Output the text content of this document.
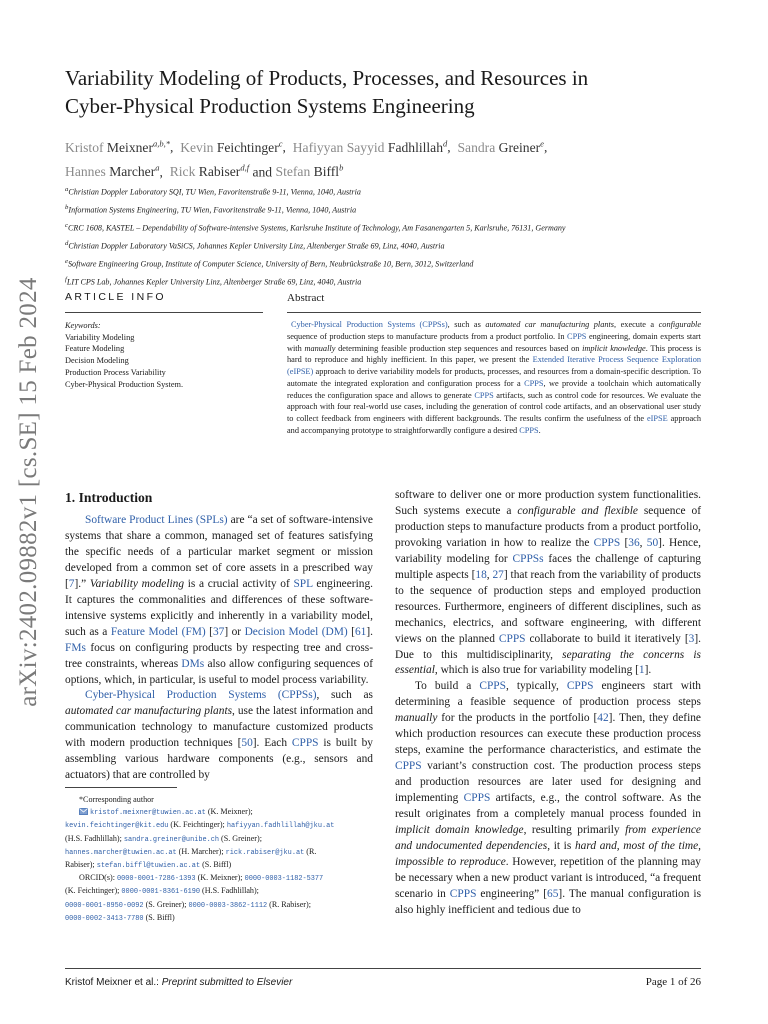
arXiv:2402.09882v1 [cs.SE] 15 Feb 2024
Variability Modeling of Products, Processes, and Resources in
Cyber-Physical Production Systems Engineering
Kristof Meixner$^{a,b,*}$,  Kevin Feichtinger$^c$,  Hafiyyan Sayyid Fadhlillah$^d$,  Sandra Greiner$^e$,
Hannes Marcher$^a$,  Rick Rabiser$^{d,f}$ and Stefan Biffl$^b$
$^a$Christian Doppler Laboratory SQI, TU Wien, Favoritenstraße 9-11, Vienna, 1040, Austria
$^b$Information Systems Engineering, TU Wien, Favoritenstraße 9-11, Vienna, 1040, Austria
$^c$CRC 1608, KASTEL – Dependability of Software-intensive Systems, Karlsruhe Institute of Technology, Am Fasanengarten 5, Karlsruhe, 76131, Germany
$^d$Christian Doppler Laboratory VaSiCS, Johannes Kepler University Linz, Altenberger Straße 69, Linz, 4040, Austria
$^e$Software Engineering Group, Institute of Computer Science, University of Bern, Neubrückstraße 10, Bern, 3012, Switzerland
$^f$LIT CPS Lab, Johannes Kepler University Linz, Altenberger Straße 69, Linz, 4040, Austria
ARTICLE INFO	Abstract
Keywords:
Variability Modeling
Feature Modeling
Decision Modeling
Production Process Variability
Cyber-Physical Production System.

Cyber-Physical Production Systems (CPPSs), such as automated car manufacturing plants, execute a configurable sequence of production steps to manufacture products from a product portfolio. In CPPS engineering, domain experts start with manually determining feasible production step sequences and resources based on implicit knowledge. This process is hard to reproduce and highly inefficient. In this paper, we present the Extended Iterative Process Sequence Exploration (eIPSE) approach to derive variability models for products, processes, and resources from a domain-specific description. To automate the integrated exploration and configuration process for a CPPS, we provide a toolchain which automatically reduces the configuration space and allows to generate CPPS artifacts, such as control code for resources. We evaluate the approach with four real-world use cases, including the generation of control code artifacts, and an observational user study to collect feedback from engineers with different backgrounds. The results confirm the usefulness of the eIPSE approach and accompanying prototype to straightforwardly configure a desired CPPS.

1. Introduction

Software Product Lines (SPLs) are “a set of software-intensive systems that share a common, managed set of features satisfying the specific needs of a particular market segment or mission developed from a common set of core assets in a prescribed way [7].” Variability modeling is a crucial activity of SPL engineering. It captures the commonalities and differences of these software-intensive systems explicitly and inherently in a variability model, such as a Feature Model (FM) [37] or Decision Model (DM) [61]. FMs focus on configuring products by respecting tree and cross-tree constraints, whereas DMs also allow configuring sequences of options, which, in particular, is useful to model process variability.

Cyber-Physical Production Systems (CPPSs), such as automated car manufacturing plants, use the latest information and communication technology to manufacture customized products with modern production techniques [50]. Each CPPS is built by assembling various hardware components (e.g., sensors and actuators) that are controlled by

*Corresponding author
kristof.meixner@tuwien.ac.at (K. Meixner);
kevin.feichtinger@kit.edu (K. Feichtinger); hafiyyan.fadhlillah@jku.at
(H.S. Fadhlillah); sandra.greiner@unibe.ch (S. Greiner);
hannes.marcher@tuwien.ac.at (H. Marcher); rick.rabiser@jku.at (R.
Rabiser); stefan.biffl@tuwien.ac.at (S. Biffl)
ORCID(s): 0000-0001-7286-1393 (K. Meixner); 0000-0003-1182-5377
(K. Feichtinger); 0000-0001-8361-6190 (H.S. Fadhlillah);
0000-0001-8950-0092 (S. Greiner); 0000-0003-3862-1112 (R. Rabiser);
0000-0002-3413-7780 (S. Biffl)

software to deliver one or more production system functionalities. Such systems execute a configurable and flexible sequence of production steps to manufacture products from a product portfolio, provoking variation in how to realize the CPPS [36, 50]. Hence, variability modeling for CPPSs faces the challenge of capturing multiple aspects [18, 27] that reach from the variability of products to the sequence of production steps and employed production resources. Furthermore, engineers of different disciplines, such as mechanics, electrics, and software engineering, with different views on the planned CPPS collaborate to build it iteratively [3]. Due to this multidisciplinarity, separating the concerns is essential, which is also true for variability modeling [1].

To build a CPPS, typically, CPPS engineers start with determining a feasible sequence of production process steps manually for the products in the portfolio [42]. Then, they define which production resources can execute these production process steps, examine the performance characteristics, and estimate the CPPS variant’s construction cost. The production process steps and production resources are later used for designing and implementing CPPS artifacts, e.g., the control software. As the result originates from a completely manual process founded in implicit domain knowledge, resulting primarily from experience and undocumented dependencies, it is hard and, most of the time, impossible to reproduce. However, repetition of the planning may be necessary when a new product variant is introduced, “a frequent scenario in CPPS engineering” [65]. The manual configuration is also highly inefficient and tedious due to

Kristof Meixner et al.: Preprint submitted to Elsevier	Page 1 of 26
